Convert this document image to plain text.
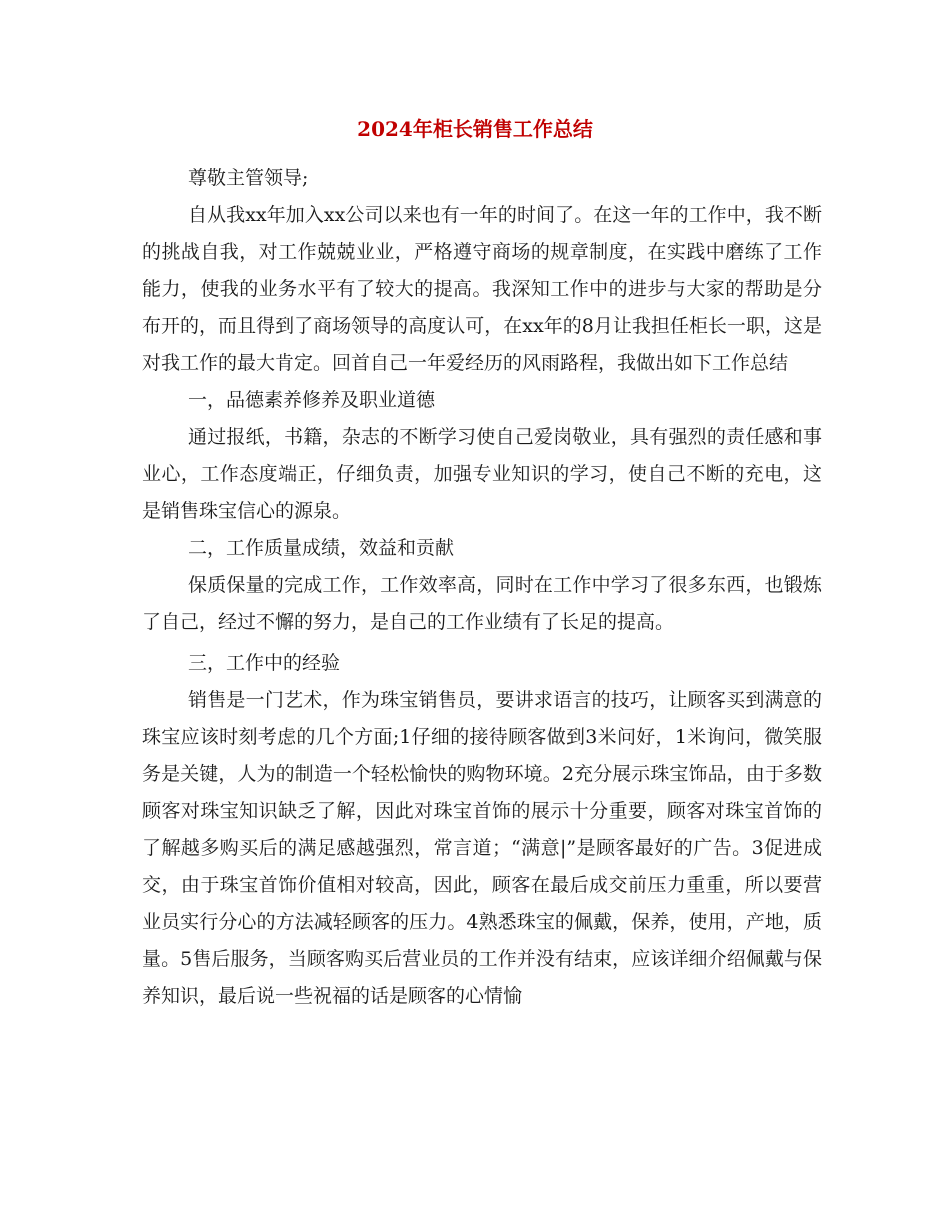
2024年柜长销售工作总结

尊敬主管领导;

自从我xx年加入xx公司以来也有一年的时间了。在这一年的工作中，我不断的挑战自我，对工作兢兢业业，严格遵守商场的规章制度，在实践中磨练了工作能力，使我的业务水平有了较大的提高。我深知工作中的进步与大家的帮助是分布开的，而且得到了商场领导的高度认可，在xx年的8月让我担任柜长一职，这是对我工作的最大肯定。回首自己一年爱经历的风雨路程，我做出如下工作总结

一，品德素养修养及职业道德

通过报纸，书籍，杂志的不断学习使自己爱岗敬业，具有强烈的责任感和事业心，工作态度端正，仔细负责，加强专业知识的学习，使自己不断的充电，这是销售珠宝信心的源泉。

二，工作质量成绩，效益和贡献

保质保量的完成工作，工作效率高，同时在工作中学习了很多东西，也锻炼了自己，经过不懈的努力，是自己的工作业绩有了长足的提高。

三，工作中的经验

销售是一门艺术，作为珠宝销售员，要讲求语言的技巧，让顾客买到满意的珠宝应该时刻考虑的几个方面;1仔细的接待顾客做到3米问好，1米询问，微笑服务是关键，人为的制造一个轻松愉快的购物环境。2充分展示珠宝饰品，由于多数顾客对珠宝知识缺乏了解，因此对珠宝首饰的展示十分重要，顾客对珠宝首饰的了解越多购买后的满足感越强烈，常言道；“满意|”是顾客最好的广告。3促进成交，由于珠宝首饰价值相对较高，因此，顾客在最后成交前压力重重，所以要营业员实行分心的方法减轻顾客的压力。4熟悉珠宝的佩戴，保养，使用，产地，质量。5售后服务，当顾客购买后营业员的工作并没有结束，应该详细介绍佩戴与保养知识，最后说一些祝福的话是顾客的心情愉
